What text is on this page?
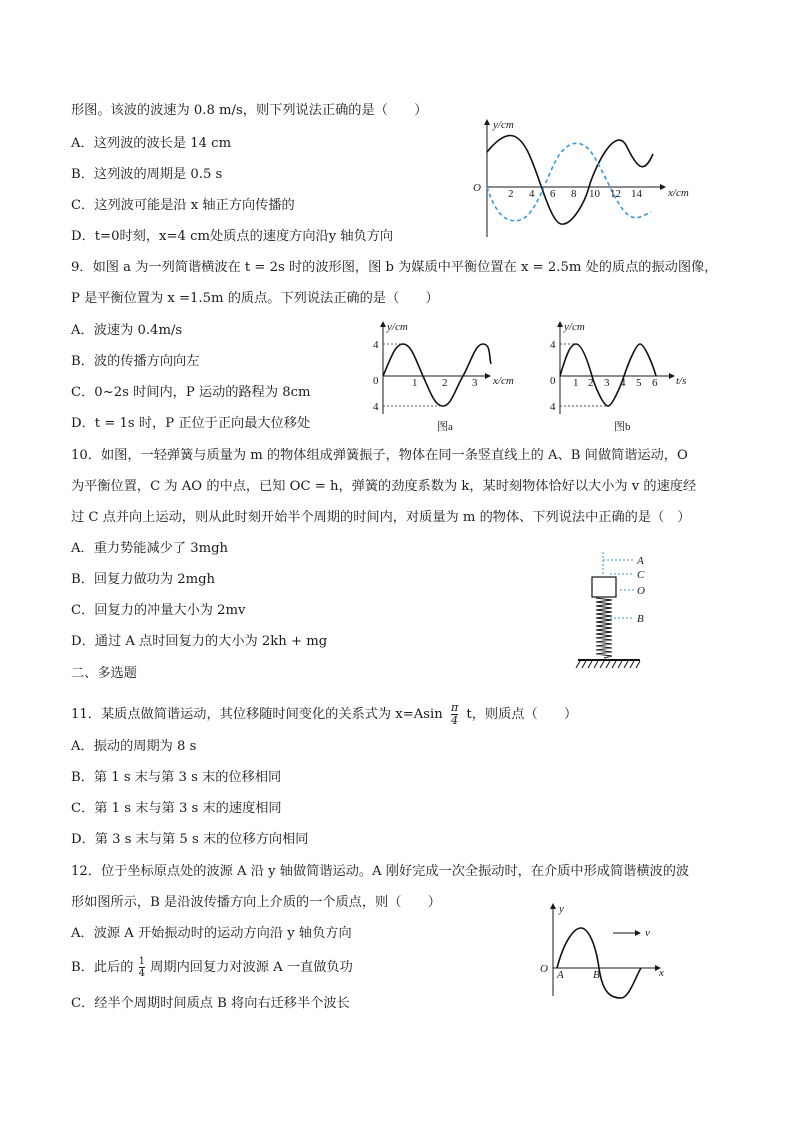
形图。该波的波速为 0.8 m/s，则下列说法正确的是（　　）
A．这列波的波长是 14 cm
B．这列波的周期是 0.5 s
C．这列波可能是沿 x 轴正方向传播的
D．t=0时刻，x=4 cm处质点的速度方向沿y 轴负方向
y/cm
x/cm
O 2 4 6 8 10 12 14
9．如图 a 为一列简谐横波在 t = 2s 时的波形图，图 b 为媒质中平衡位置在 x = 2.5m 处的质点的振动图像，
P 是平衡位置为 x =1.5m 的质点。下列说法正确的是（　　）
A．波速为 0.4m/s
B．波的传播方向向左
C．0~2s 时间内，P 运动的路程为 8cm
D．t = 1s 时，P 正位于正向最大位移处
y/cm
x/cm
0
4
4
1 2 3
图a
y/cm
t/s
0
4
4
1 2 3 4 5 6
图b
10．如图，一轻弹簧与质量为 m 的物体组成弹簧振子，物体在同一条竖直线上的 A、B 间做简谐运动，O
为平衡位置，C 为 AO 的中点，已知 OC = h，弹簧的劲度系数为 k，某时刻物体恰好以大小为 v 的速度经
过 C 点并向上运动，则从此时刻开始半个周期的时间内，对质量为 m 的物体、下列说法中正确的是（　）
A．重力势能减少了 3mgh
B．回复力做功为 2mgh
C．回复力的冲量大小为 2mv
D．通过 A 点时回复力的大小为 2kh + mg
A
C
O
B
二、多选题
11．某质点做简谐运动，其位移随时间变化的关系式为 $x=Asin \frac{\pi}{4}$ t，则质点（　　）
A．振动的周期为 8 s
B．第 1 s 末与第 3 s 末的位移相同
C．第 1 s 末与第 3 s 末的速度相同
D．第 3 s 末与第 5 s 末的位移方向相同
12．位于坐标原点处的波源 A 沿 y 轴做简谐运动。A 刚好完成一次全振动时，在介质中形成简谐横波的波
形如图所示，B 是沿波传播方向上介质的一个质点，则（　　）
A．波源 A 开始振动时的运动方向沿 y 轴负方向
B．此后的 $\frac{1}{4}$ 周期内回复力对波源 A 一直做负功
C．经半个周期时间质点 B 将向右迁移半个波长
y
x
O A	B
v
